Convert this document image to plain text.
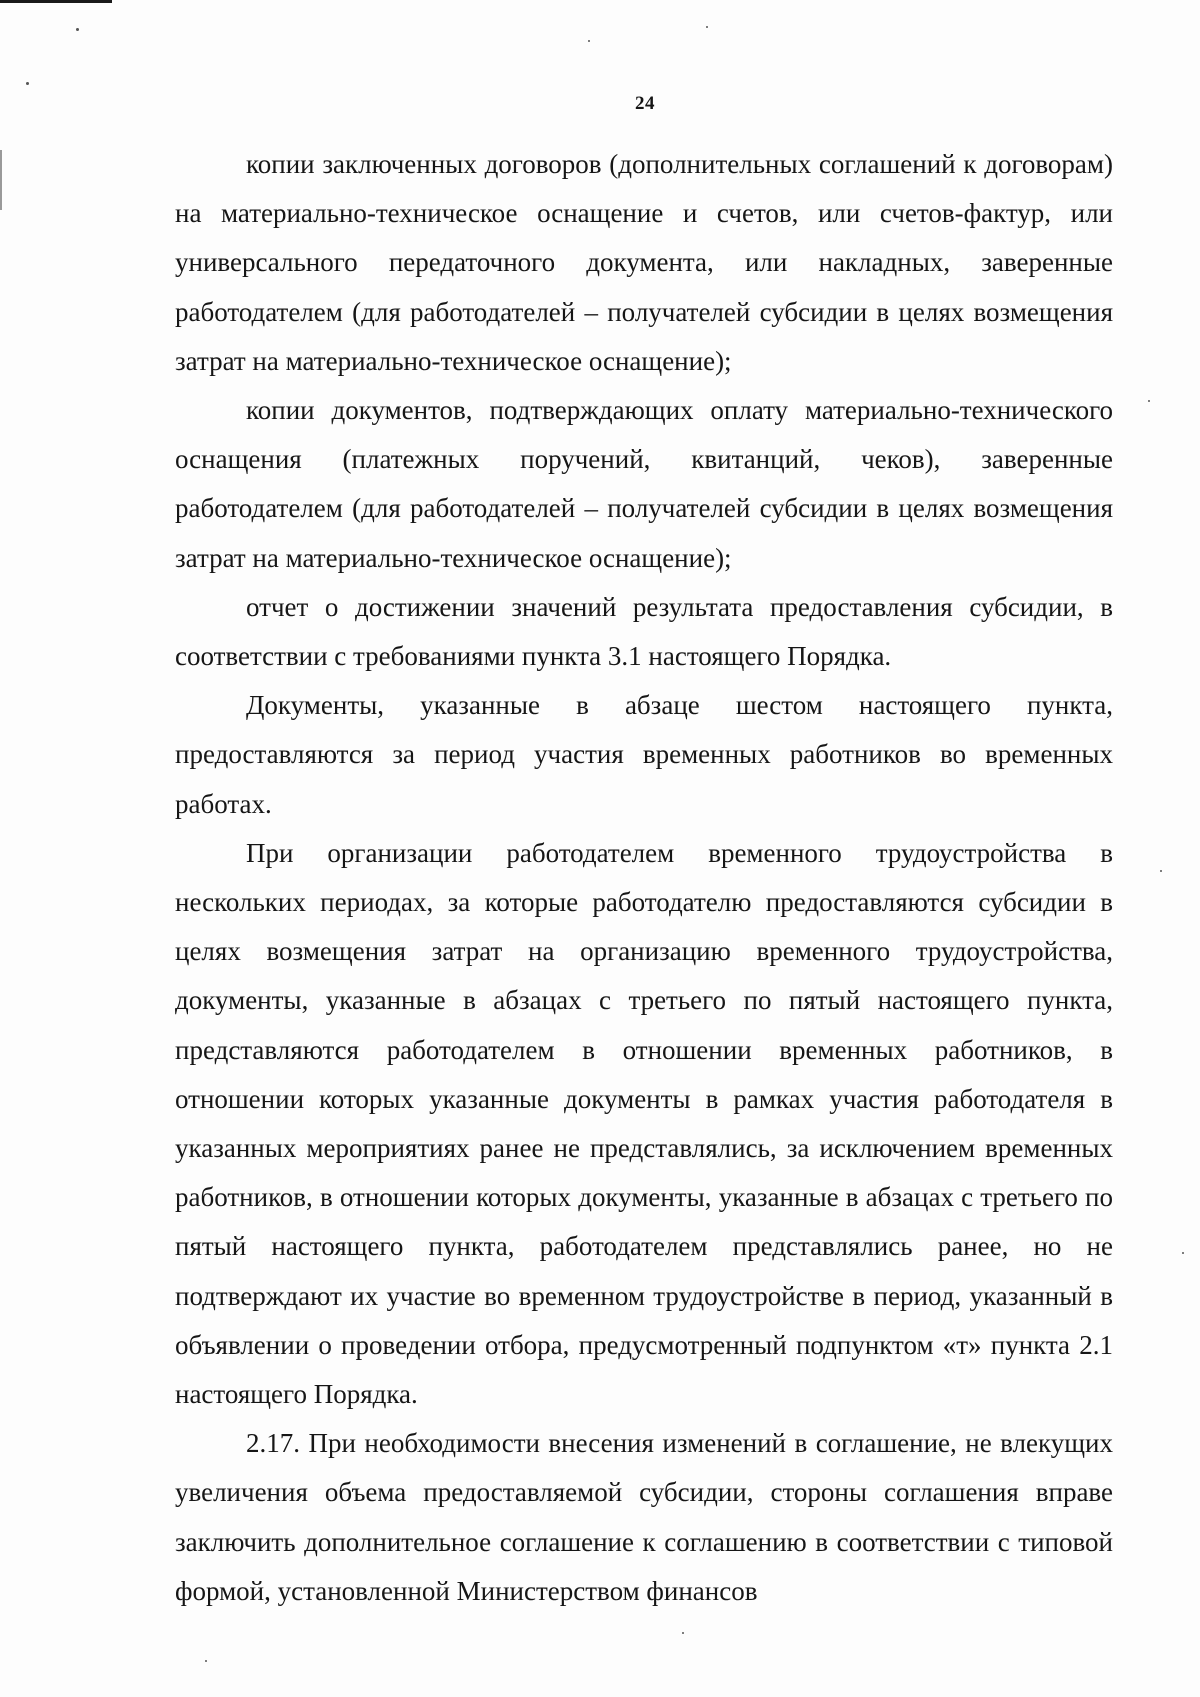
24

копии заключенных договоров (дополнительных соглашений к договорам) на материально-техническое оснащение и счетов, или счетов-фактур, или универсального передаточного документа, или накладных, заверенные работодателем (для работодателей – получателей субсидии в целях возмещения затрат на материально-техническое оснащение);

копии документов, подтверждающих оплату материально-технического оснащения (платежных поручений, квитанций, чеков), заверенные работодателем (для работодателей – получателей субсидии в целях возмещения затрат на материально-техническое оснащение);

отчет о достижении значений результата предоставления субсидии, в соответствии с требованиями пункта 3.1 настоящего Порядка.

Документы, указанные в абзаце шестом настоящего пункта, предоставляются за период участия временных работников во временных работах.

При организации работодателем временного трудоустройства в нескольких периодах, за которые работодателю предоставляются субсидии в целях возмещения затрат на организацию временного трудоустройства, документы, указанные в абзацах с третьего по пятый настоящего пункта, представляются работодателем в отношении временных работников, в отношении которых указанные документы в рамках участия работодателя в указанных мероприятиях ранее не представлялись, за исключением временных работников, в отношении которых документы, указанные в абзацах с третьего по пятый настоящего пункта, работодателем представлялись ранее, но не подтверждают их участие во временном трудоустройстве в период, указанный в объявлении о проведении отбора, предусмотренный подпунктом «т» пункта 2.1 настоящего Порядка.

2.17. При необходимости внесения изменений в соглашение, не влекущих увеличения объема предоставляемой субсидии, стороны соглашения вправе заключить дополнительное соглашение к соглашению в соответствии с типовой формой, установленной Министерством финансов
